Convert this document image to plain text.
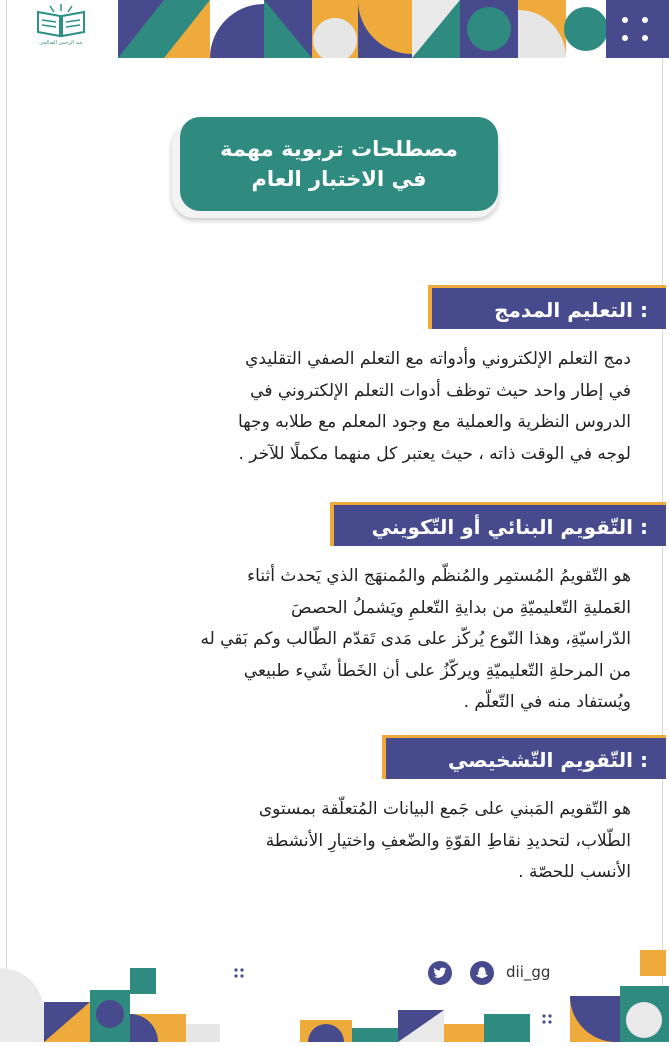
عبد الرحمن الصالحي
مصطلحات تربوية مهمة
في الاختبار العام
التعليم المدمج :
دمج التعلم الإلكتروني وأدواته مع التعلم الصفي التقليدي
في إطار واحد حيث توظف أدوات التعلم الإلكتروني في
الدروس النظرية والعملية مع وجود المعلم مع طلابه وجها
لوجه في الوقت ذاته ، حيث يعتبر كل منهما مكملًا للآخر .
التّقويم البنائي أو التّكويني :
هو التّقويمُ المُستمِر والمُنظّم والمُمنهَج الذي يَحدث أثناء
العَمليةِ التّعليميّةِ من بدايةِ التّعلمِ ويَشملُ الحصصَ
الدّراسيّةِ، وهذا النّوع يُركّز على مَدى تَقدّم الطّالب وكم بَقي له
من المرحلةِ التّعليميّةِ ويركّزُ على أن الخَطأ شَيء طبيعي
ويُستفاد منه في التّعلّم .
التّقويم التّشخيصي :
هو التّقويم المَبني على جَمع البيانات المُتعلّقة بمستوى
الطّلاب، لتحديدِ نقاطِ القوّةِ والضّعفِ واختيارِ الأنشطة
الأنسب للحصّة .
dii_gg
